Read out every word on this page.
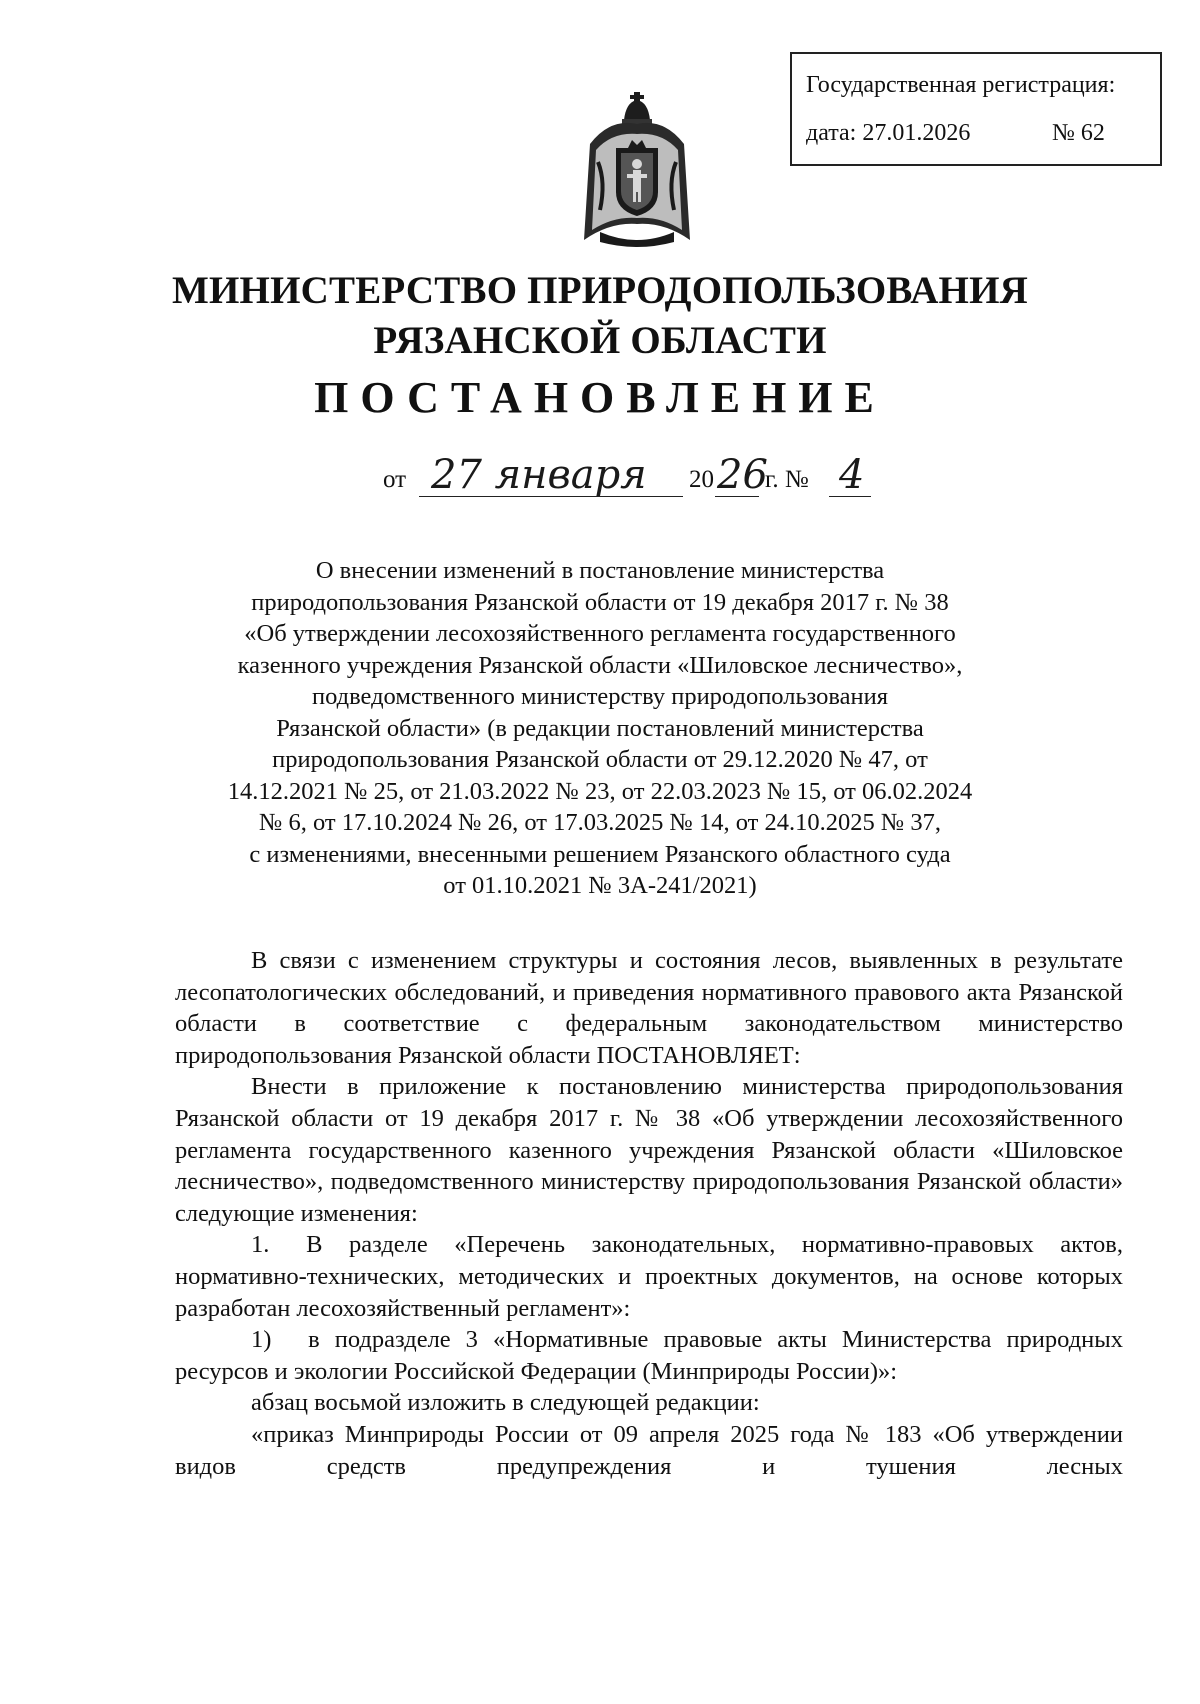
Государственная регистрация:
дата: 27.01.2026	№ 62
МИНИСТЕРСТВО ПРИРОДОПОЛЬЗОВАНИЯ
РЯЗАНСКОЙ ОБЛАСТИ
ПОСТАНОВЛЕНИЕ
от 27 января 20 26
г. № 4
О внесении изменений в постановление министерства
природопользования Рязанской области от 19 декабря 2017 г. № 38
«Об утверждении лесохозяйственного регламента государственного
казенного учреждения Рязанской области «Шиловское лесничество»,
подведомственного министерству природопользования
Рязанской области» (в редакции постановлений министерства
природопользования Рязанской области от 29.12.2020 № 47, от
14.12.2021 № 25, от 21.03.2022 № 23, от 22.03.2023 № 15, от 06.02.2024
№ 6, от 17.10.2024 № 26, от 17.03.2025 № 14, от 24.10.2025 № 37,
с изменениями, внесенными решением Рязанского областного суда
от 01.10.2021 № 3А-241/2021)

В связи с изменением структуры и состояния лесов, выявленных в результате лесопатологических обследований, и приведения нормативного правового акта Рязанской области в соответствие с федеральным законодательством министерство природопользования Рязанской области ПОСТАНОВЛЯЕТ:

Внести в приложение к постановлению министерства природопользования Рязанской области от 19 декабря 2017 г. № 38 «Об утверждении лесохозяйственного регламента государственного казенного учреждения Рязанской области «Шиловское лесничество», подведомственного министерству природопользования Рязанской области» следующие изменения:

1.  В разделе «Перечень законодательных, нормативно-правовых актов, нормативно-технических, методических и проектных документов, на основе которых разработан лесохозяйственный регламент»:

1)  в подразделе 3 «Нормативные правовые акты Министерства природных ресурсов и экологии Российской Федерации (Минприроды России)»:

абзац восьмой изложить в следующей редакции:

«приказ Минприроды России от 09 апреля 2025 года № 183 «Об утверждении видов средств предупреждения и тушения лесных
